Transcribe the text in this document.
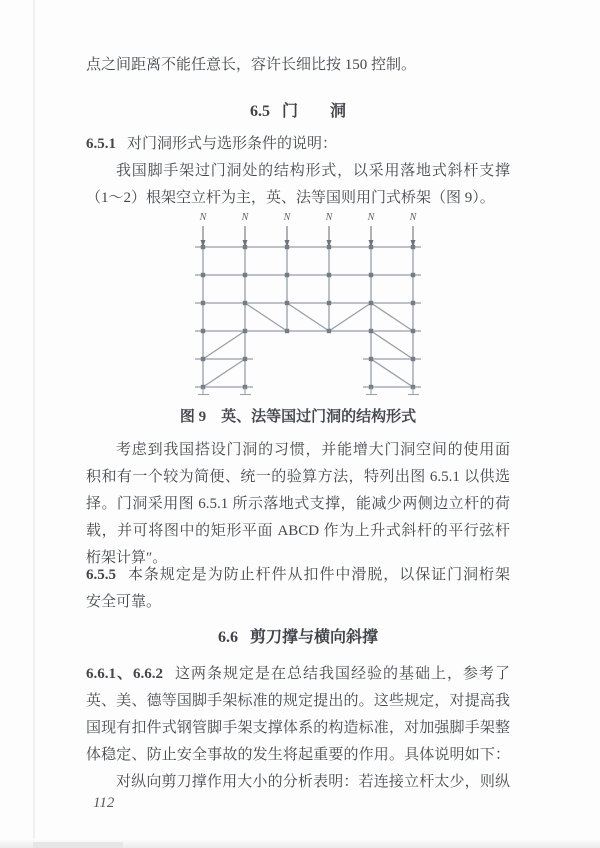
点之间距离不能任意长，容许长细比按 150 控制。
6.5 门　　洞
6.5.1 对门洞形式与选形条件的说明：
我国脚手架过门洞处的结构形式，以采用落地式斜杆支撑
（1～2）根架空立杆为主，英、法等国则用门式桥架（图 9）。
N	N	N	N	N	N
图 9　英、法等国过门洞的结构形式
考虑到我国搭设门洞的习惯，并能增大门洞空间的使用面
积和有一个较为简便、统一的验算方法，特列出图 6.5.1 以供选
择。门洞采用图 6.5.1 所示落地式支撑，能减少两侧边立杆的荷
载，并可将图中的矩形平面 ABCD 作为上升式斜杆的平行弦杆
桁架计算″。
6.5.5 本条规定是为防止杆件从扣件中滑脱，以保证门洞桁架
安全可靠。
6.6 剪刀撑与横向斜撑
6.6.1、6.6.2 这两条规定是在总结我国经验的基础上，参考了
英、美、德等国脚手架标准的规定提出的。这些规定，对提高我
国现有扣件式钢管脚手架支撑体系的构造标准，对加强脚手架整
体稳定、防止安全事故的发生将起重要的作用。具体说明如下：
对纵向剪刀撑作用大小的分析表明：若连接立杆太少，则纵
112
